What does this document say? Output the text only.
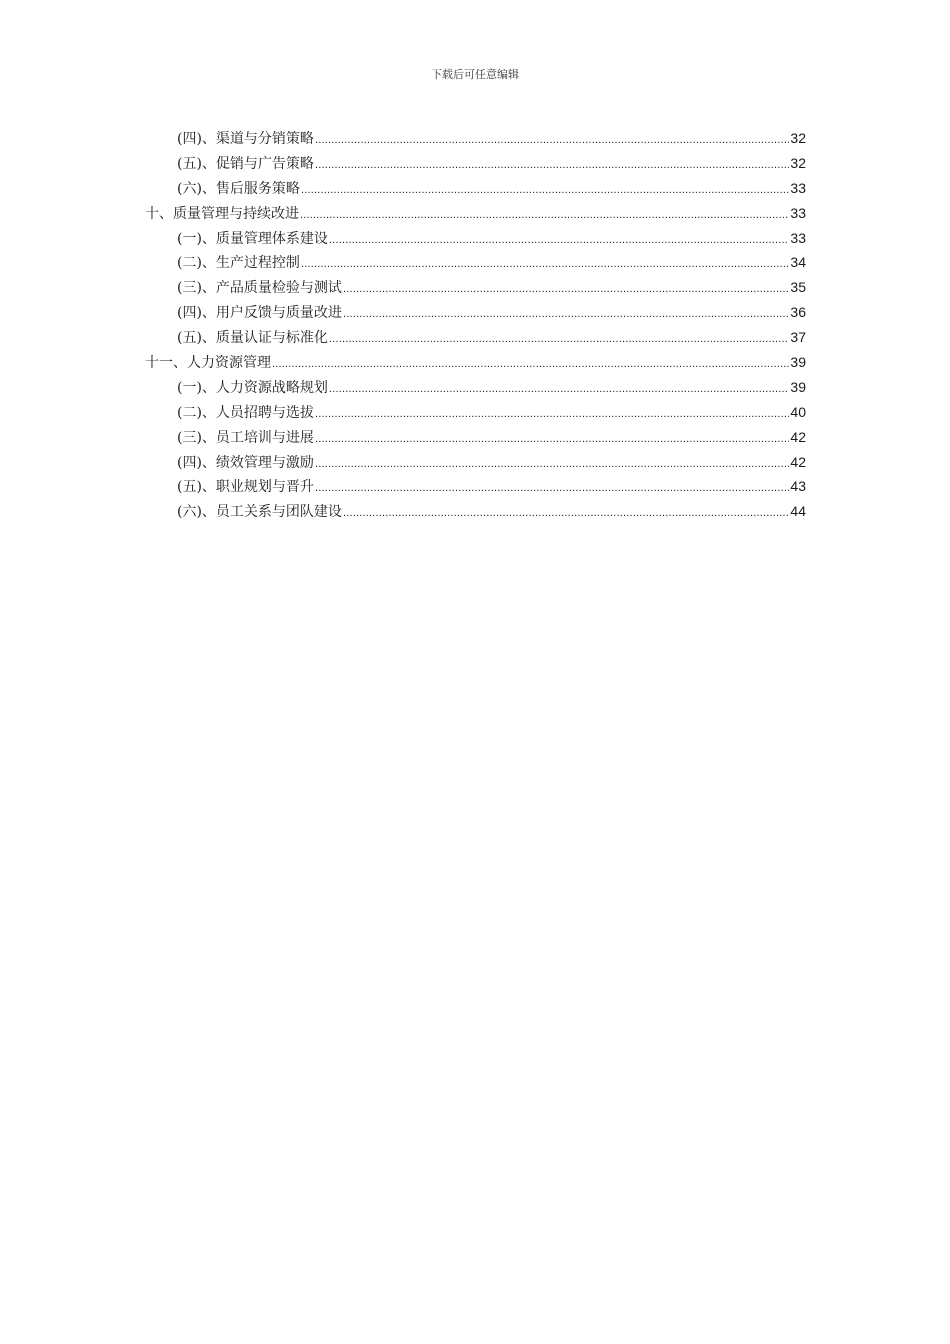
下载后可任意编辑
(四)、渠道与分销策略 .....	32
(五)、促销与广告策略 .....	32
(六)、售后服务策略 .....	33
十、质量管理与持续改进 .....	33
(一)、质量管理体系建设 .....	33
(二)、生产过程控制 .....	34
(三)、产品质量检验与测试 .....	35
(四)、用户反馈与质量改进 .....	36
(五)、质量认证与标准化 .....	37
十一、人力资源管理 .....	39
(一)、人力资源战略规划 .....	39
(二)、人员招聘与选拔 .....	40
(三)、员工培训与进展 .....	42
(四)、绩效管理与激励 .....	42
(五)、职业规划与晋升 .....	43
(六)、员工关系与团队建设 .....	44
